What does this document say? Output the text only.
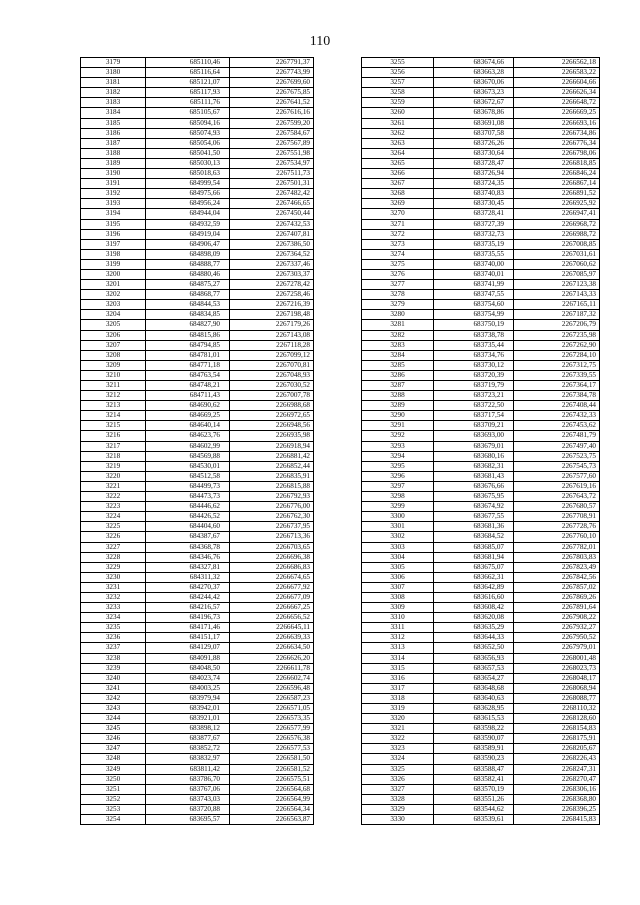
110
3179	685110,46	2267791,37
3180	685116,64	2267743,99
3181	685121,07	2267699,60
3182	685117,93	2267675,85
3183	685111,76	2267641,52
3184	685105,67	2267616,16
3185	685094,16	2267599,20
3186	685074,93	2267584,67
3187	685054,06	2267567,89
3188	685041,50	2267551,98
3189	685030,13	2267534,97
3190	685018,63	2267511,73
3191	684999,54	2267501,31
3192	684975,66	2267482,42
3193	684956,24	2267466,65
3194	684944,04	2267450,44
3195	684932,59	2267432,53
3196	684919,04	2267407,81
3197	684906,47	2267386,50
3198	684898,09	2267364,52
3199	684888,77	2267337,46
3200	684880,46	2267303,37
3201	684875,27	2267278,42
3202	684868,77	2267258,46
3203	684844,53	2267216,39
3204	684834,85	2267198,48
3205	684827,90	2267179,26
3206	684815,86	2267143,08
3207	684794,85	2267118,28
3208	684781,01	2267099,12
3209	684771,18	2267070,81
3210	684763,54	2267048,93
3211	684748,21	2267030,52
3212	684711,43	2267007,78
3213	684690,62	2266988,68
3214	684669,25	2266972,65
3215	684640,14	2266948,56
3216	684623,76	2266935,98
3217	684602,99	2266918,94
3218	684569,88	2266881,42
3219	684530,01	2266852,44
3220	684512,58	2266835,91
3221	684499,73	2266815,88
3222	684473,73	2266792,93
3223	684446,62	2266776,00
3224	684426,52	2266762,30
3225	684404,60	2266737,95
3226	684387,67	2266713,36
3227	684368,78	2266703,65
3228	684346,76	2266696,38
3229	684327,81	2266686,83
3230	684311,32	2266674,65
3231	684270,37	2266677,92
3232	684244,42	2266677,09
3233	684216,57	2266667,25
3234	684196,73	2266656,52
3235	684171,46	2266645,11
3236	684151,17	2266639,33
3237	684129,07	2266634,50
3238	684091,88	2266626,20
3239	684048,50	2266611,78
3240	684023,74	2266602,74
3241	684003,25	2266596,48
3242	683979,94	2266587,23
3243	683942,01	2266571,05
3244	683921,01	2266573,35
3245	683898,12	2266577,99
3246	683877,67	2266576,38
3247	683852,72	2266577,53
3248	683832,97	2266581,50
3249	683811,42	2266581,52
3250	683786,70	2266575,51
3251	683767,06	2266564,68
3252	683743,03	2266564,99
3253	683720,88	2266564,34
3254	683695,57	2266563,87
3255	683674,66	2266562,18
3256	683663,28	2266583,22
3257	683670,06	2266604,66
3258	683673,23	2266626,34
3259	683672,67	2266648,72
3260	683678,86	2266669,25
3261	683691,08	2266693,16
3262	683707,58	2266734,86
3263	683726,26	2266776,34
3264	683730,64	2266798,06
3265	683728,47	2266818,85
3266	683726,94	2266846,24
3267	683724,35	2266867,14
3268	683740,83	2266891,52
3269	683730,45	2266925,92
3270	683728,41	2266947,41
3271	683727,39	2266968,72
3272	683732,73	2266988,72
3273	683735,19	2267008,85
3274	683735,55	2267031,61
3275	683740,00	2267060,62
3276	683740,01	2267085,97
3277	683741,99	2267123,38
3278	683747,55	2267143,33
3279	683754,60	2267165,11
3280	683754,99	2267187,32
3281	683750,19	2267206,79
3282	683738,78	2267235,98
3283	683735,44	2267262,90
3284	683734,76	2267284,10
3285	683730,12	2267312,75
3286	683720,39	2267339,55
3287	683719,79	2267364,17
3288	683723,21	2267384,78
3289	683722,50	2267408,44
3290	683717,54	2267432,33
3291	683709,21	2267453,62
3292	683693,00	2267481,79
3293	683679,01	2267497,40
3294	683680,16	2267523,75
3295	683682,31	2267545,73
3296	683681,43	2267577,60
3297	683676,66	2267619,16
3298	683675,95	2267643,72
3299	683674,92	2267680,57
3300	683677,55	2267708,91
3301	683681,36	2267728,76
3302	683684,52	2267760,10
3303	683685,07	2267782,01
3304	683681,94	2267803,83
3305	683675,07	2267823,49
3306	683662,31	2267842,56
3307	683642,89	2267857,02
3308	683616,60	2267869,26
3309	683608,42	2267891,64
3310	683620,08	2267908,22
3311	683635,29	2267932,27
3312	683644,33	2267950,52
3313	683652,50	2267979,01
3314	683656,93	2268001,48
3315	683657,53	2268023,73
3316	683654,27	2268048,17
3317	683648,68	2268068,94
3318	683640,63	2268088,77
3319	683628,95	2268110,32
3320	683615,53	2268128,60
3321	683598,22	2268154,83
3322	683590,07	2268175,91
3323	683589,91	2268205,67
3324	683590,23	2268226,43
3325	683588,47	2268247,31
3326	683582,41	2268270,47
3327	683570,19	2268306,16
3328	683551,26	2268368,80
3329	683544,62	2268396,25
3330	683539,61	2268415,83
